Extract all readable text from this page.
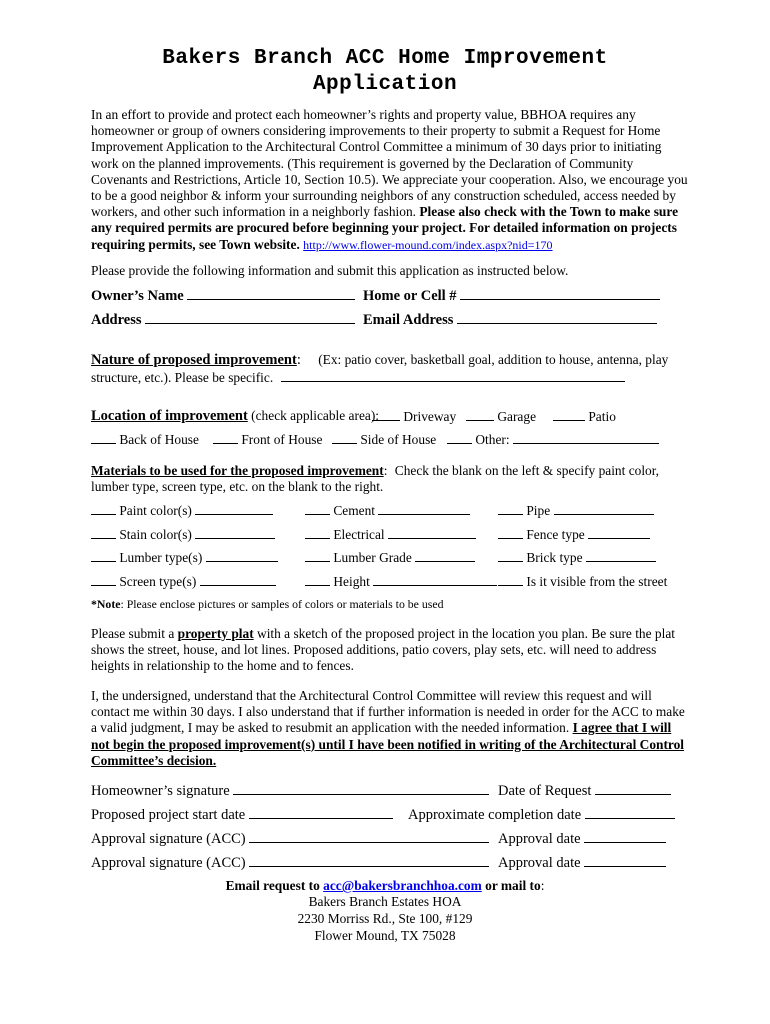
Bakers Branch ACC Home Improvement
Application
In an effort to provide and protect each homeowner’s rights and property value, BBHOA requires any homeowner or group of owners considering improvements to their property to submit a Request for Home Improvement Application to the Architectural Control Committee a minimum of 30 days prior to initiating work on the planned improvements. (This requirement is governed by the Declaration of Community Covenants and Restrictions, Article 10, Section 10.5). We appreciate your cooperation. Also, we encourage you to be a good neighbor & inform your surrounding neighbors of any construction scheduled, access needed by workers, and other such information in a neighborly fashion. Please also check with the Town to make sure any required permits are procured before beginning your project. For detailed information on projects requiring permits, see Town website. http://www.flower-mound.com/index.aspx?nid=170
Please provide the following information and submit this application as instructed below.
Owner’s Name	Home or Cell #
Address	Email Address
Nature of proposed improvement: (Ex: patio cover, basketball goal, addition to house, antenna, play
structure, etc.). Please be specific.
Location of improvement (check applicable area):	Driveway	Garage	Patio
Back of House	Front of House	Side of House	Other:
Materials to be used for the proposed improvement: Check the blank on the left & specify paint color,
lumber type, screen type, etc. on the blank to the right.
Paint color(s)	Cement	Pipe
Stain color(s)	Electrical	Fence type
Lumber type(s)	Lumber Grade	Brick type
Screen type(s)	Height	Is it visible from the street
*Note: Please enclose pictures or samples of colors or materials to be used
Please submit a property plat with a sketch of the proposed project in the location you plan. Be sure the plat shows the street, house, and lot lines. Proposed additions, patio covers, play sets, etc. will need to address heights in relationship to the home and to fences.
I, the undersigned, understand that the Architectural Control Committee will review this request and will contact me within 30 days. I also understand that if further information is needed in order for the ACC to make a valid judgment, I may be asked to resubmit an application with the needed information. I agree that I will not begin the proposed improvement(s) until I have been notified in writing of the Architectural Control Committee’s decision.
Homeowner’s signature	Date of Request
Proposed project start date	Approximate completion date
Approval signature (ACC)	Approval date
Approval signature (ACC)	Approval date
Email request to acc@bakersbranchhoa.com or mail to:
Bakers Branch Estates HOA
2230 Morriss Rd., Ste 100, #129
Flower Mound, TX 75028
